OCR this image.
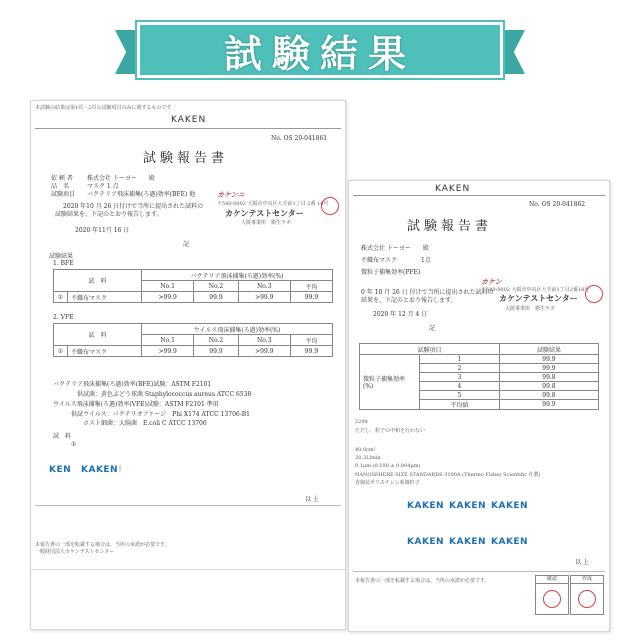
試験結果
本試験の結果は第1頁～2頁の試験項目のみに関するものです
KAKEN
No. OS 20-041861
試験報告書
依 頼 者 株式会社 トーヨー　　殿
品　名	マスク 1 点
試験項目 バクテリア飛沫捕集(ろ過)効率(BFE) 他
2020 年10 月 26 日付けで当所に提出された試料の
試験結果を、下記のとおり報告します。
2020 年11月 16 日
カケンニ
〒540-0002 大阪市中央区大手前1丁目 2番 18号
カケンテストセンター
大阪事業所　衛生ラボ
記
試験結果
1. BFE
試　料		バクテリア飛沫捕集(ろ過)効率(%)			
		No.1	No.2	No.3	平均
①	不織布マスク	>99.9	99.9	>99.9	99.9
2. VFE
試　料		ウイルス飛沫捕集(ろ過)効率(%)			
		No.1	No.2	No.3	平均
①	不織布マスク	>99.9	99.9	>99.9	99.9
バクテリア飛沫捕集(ろ過)効率(BFE)試験：ASTM F2101
供試菌：黄色ぶどう球菌 Staphylococcus aureus ATCC 6538
ウイルス飛沫捕集(ろ過)効率(VFE)試験：ASTM F2101 準用
供試ウイルス：バクテリオファージ　Phi X174 ATCC 13706-B1
ホスト細菌：大腸菌　E.coli C ATCC 13706
試　料
①
KEN KAKEN |
以 上
本報告書の一部を転載する場合は、当所の承諾が必要です。
一般財団法人カケンテストセンター
KAKEN
No. OS 20-041862
試験報告書
株式会社 トーヨー　　殿
不織布マスク　　　　1点
微粒子捕集効率(PFE)
0 年 10 月 26 日 付けで当所に提出された試料の
結果を、下記のとおり報告します。
2020 年 12 月 4 日
カケン
〒540-0002 大阪市中央区大手前1丁目2番18号
カケンテストセンター
大阪事業所　衛生ラボ
記
試験項目		試験結果
微粒子捕集効率 (%)	1	99.9
	2	99.9
	3	99.8
	4	99.8
	5	99.8
	平均値	99.9
2299
ただし、粒子の中和を行わない
40.0cm²
28.3L/min
0.1μm (0.100 ± 0.004μm)
NANOSPHERE SIZE STANDARDS 3100A (Thermo Fisher Scientific 社製)
直線状ポリスチレン系微粒子
KAKEN KAKEN KAKEN
KAKEN KAKEN KAKEN
以 上
本報告書の一部を転載する場合は、当所の承諾が必要です。	確認	作成
